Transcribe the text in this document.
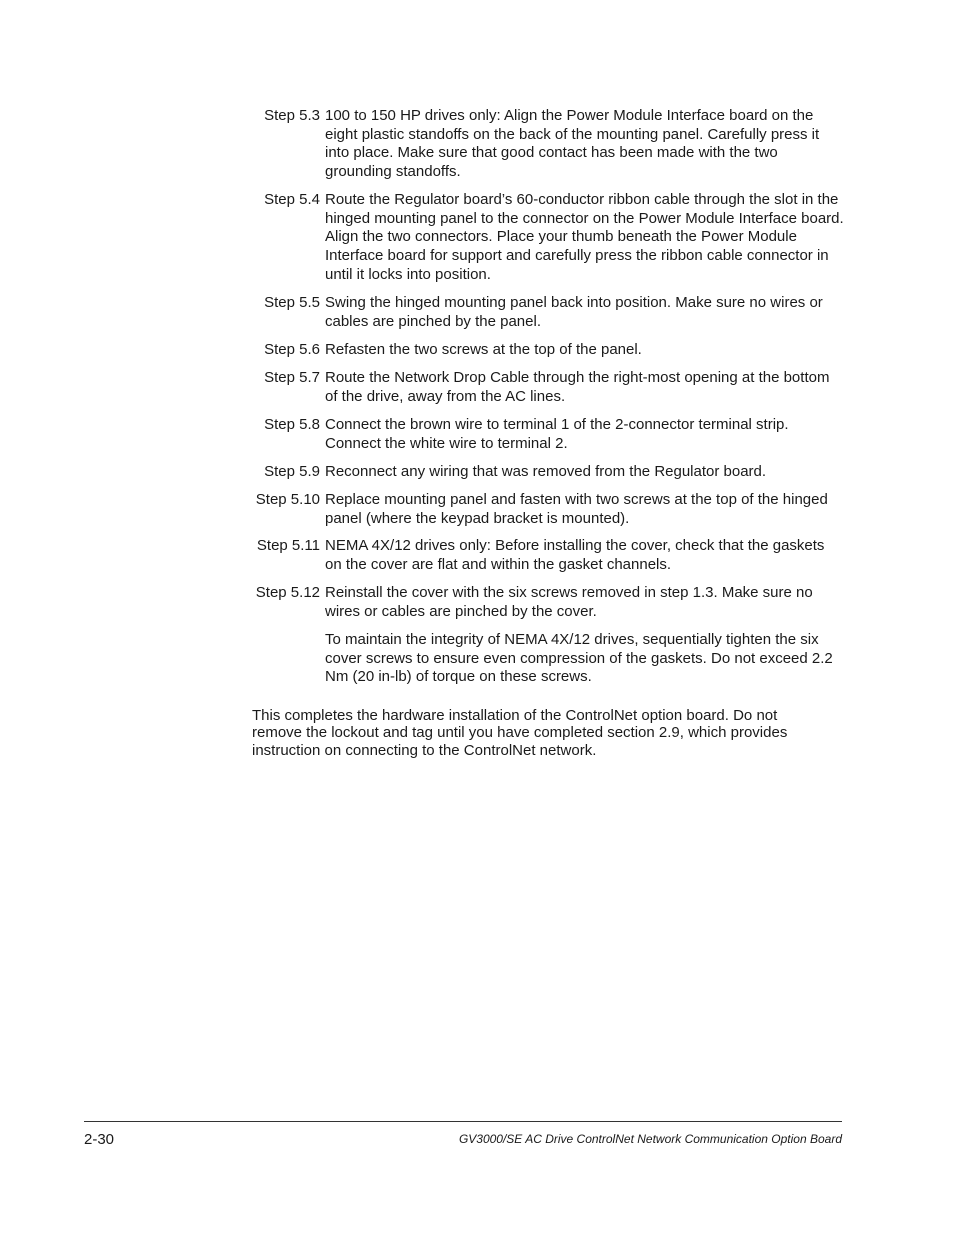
Step 5.3 100 to 150 HP drives only: Align the Power Module Interface board on the eight plastic standoffs on the back of the mounting panel. Carefully press it into place. Make sure that good contact has been made with the two grounding standoffs.
Step 5.4 Route the Regulator board’s 60-conductor ribbon cable through the slot in the hinged mounting panel to the connector on the Power Module Interface board. Align the two connectors. Place your thumb beneath the Power Module Interface board for support and carefully press the ribbon cable connector in until it locks into position.
Step 5.5 Swing the hinged mounting panel back into position. Make sure no wires or cables are pinched by the panel.
Step 5.6 Refasten the two screws at the top of the panel.
Step 5.7 Route the Network Drop Cable through the right-most opening at the bottom of the drive, away from the AC lines.
Step 5.8 Connect the brown wire to terminal 1 of the 2-connector terminal strip. Connect the white wire to terminal 2.
Step 5.9 Reconnect any wiring that was removed from the Regulator board.
Step 5.10 Replace mounting panel and fasten with two screws at the top of the hinged panel (where the keypad bracket is mounted).
Step 5.11 NEMA 4X/12 drives only: Before installing the cover, check that the gaskets on the cover are flat and within the gasket channels.
Step 5.12 Reinstall the cover with the six screws removed in step 1.3. Make sure no wires or cables are pinched by the cover.
To maintain the integrity of NEMA 4X/12 drives, sequentially tighten the six cover screws to ensure even compression of the gaskets. Do not exceed 2.2 Nm (20 in-lb) of torque on these screws.

This completes the hardware installation of the ControlNet option board. Do not remove the lockout and tag until you have completed section 2.9, which provides instruction on connecting to the ControlNet network.

2-30	GV3000/SE AC Drive ControlNet Network Communication Option Board
